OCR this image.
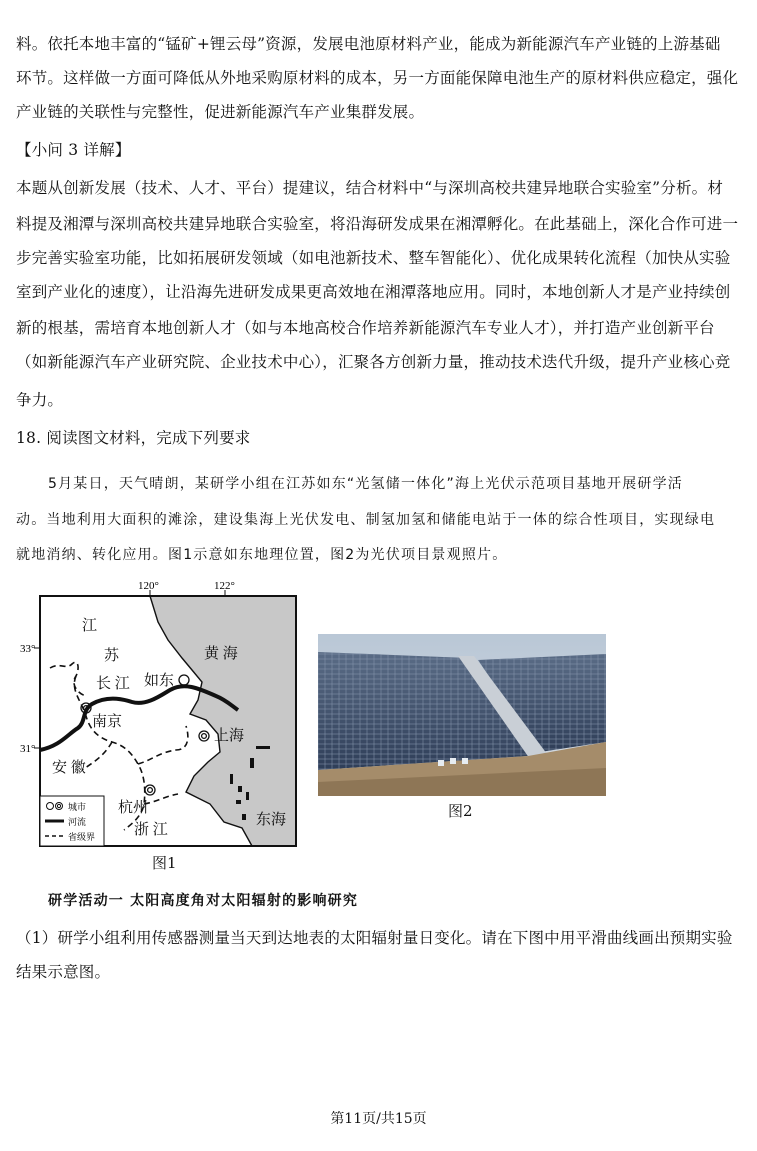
料。依托本地丰富的“锰矿+锂云母”资源，发展电池原材料产业，能成为新能源汽车产业链的上游基础
环节。这样做一方面可降低从外地采购原材料的成本，另一方面能保障电池生产的原材料供应稳定，强化
产业链的关联性与完整性，促进新能源汽车产业集群发展。
【小问 3 详解】
本题从创新发展（技术、人才、平台）提建议，结合材料中“与深圳高校共建异地联合实验室”分析。材
料提及湘潭与深圳高校共建异地联合实验室，将沿海研发成果在湘潭孵化。在此基础上，深化合作可进一
步完善实验室功能，比如拓展研发领域（如电池新技术、整车智能化）、优化成果转化流程（加快从实验
室到产业化的速度），让沿海先进研发成果更高效地在湘潭落地应用。同时，本地创新人才是产业持续创
新的根基，需培育本地创新人才（如与本地高校合作培养新能源汽车专业人才），并打造产业创新平台
（如新能源汽车产业研究院、企业技术中心），汇聚各方创新力量，推动技术迭代升级，提升产业核心竞
争力。
18. 阅读图文材料，完成下列要求
5月某日，天气晴朗，某研学小组在江苏如东“光氢储一体化”海上光伏示范项目基地开展研学活
动。当地利用大面积的滩涂，建设集海上光伏发电、制氢加氢和储能电站于一体的综合性项目，实现绿电
就地消纳、转化应用。图1示意如东地理位置，图2为光伏项目景观照片。
120°	122°
33°
31°
江
苏
长 江 如东
南京
上海
安 徽
杭州
浙 江
黄 海
东海
城市
河流
省级界
图1
图2
研学活动一 太阳高度角对太阳辐射的影响研究
（1）研学小组利用传感器测量当天到达地表的太阳辐射量日变化。请在下图中用平滑曲线画出预期实验
结果示意图。
第11页/共15页
